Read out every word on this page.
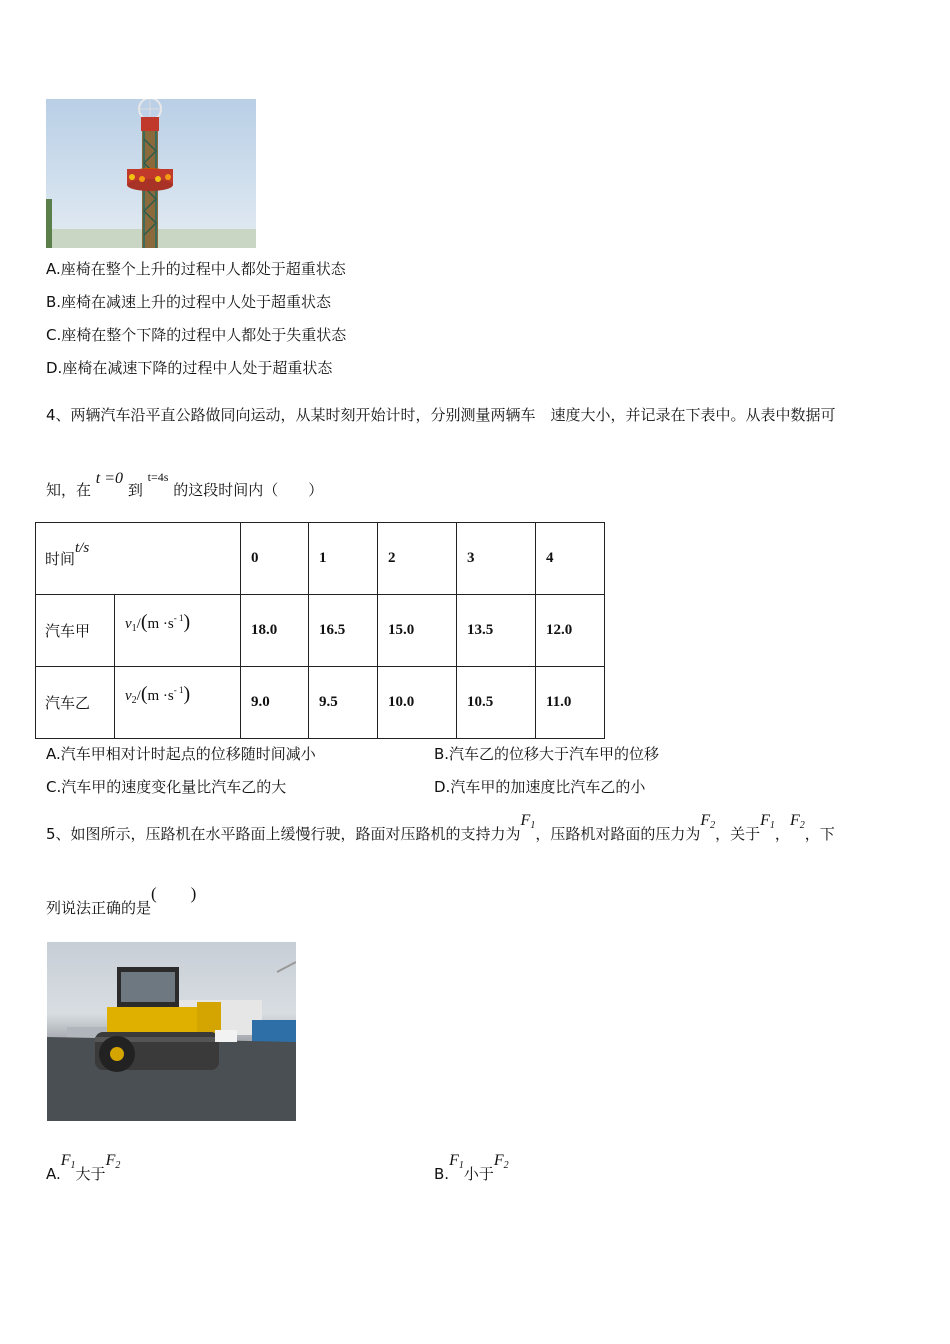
A.座椅在整个上升的过程中人都处于超重状态
B.座椅在减速上升的过程中人处于超重状态
C.座椅在整个下降的过程中人都处于失重状态
D.座椅在减速下降的过程中人处于超重状态
4、两辆汽车沿平直公路做同向运动，从某时刻开始计时，分别测量两辆车　速度大小，并记录在下表中。从表中数据可
知，在 t =0 到 $^{t=4s}$ 的这段时间内（　　）
时间t/s		0	1	2	3	4
汽车甲	$v_1/(m \cdot s^{- 1})$	18.0	16.5	15.0	13.5	12.0
汽车乙	$v_2/(m \cdot s^{- 1})$	9.0	9.5	10.0	10.5	11.0
A.汽车甲相对计时起点的位移随时间减小	B.汽车乙的位移大于汽车甲的位移
C.汽车甲的速度变化量比汽车乙的大	D.汽车甲的加速度比汽车乙的小
5、如图所示，压路机在水平路面上缓慢行驶，路面对压路机的支持力为F1，压路机对路面的压力为F2，关于F1，F2，下
列说法正确的是(　　)
A.F1大于F2	B.F1小于F2
